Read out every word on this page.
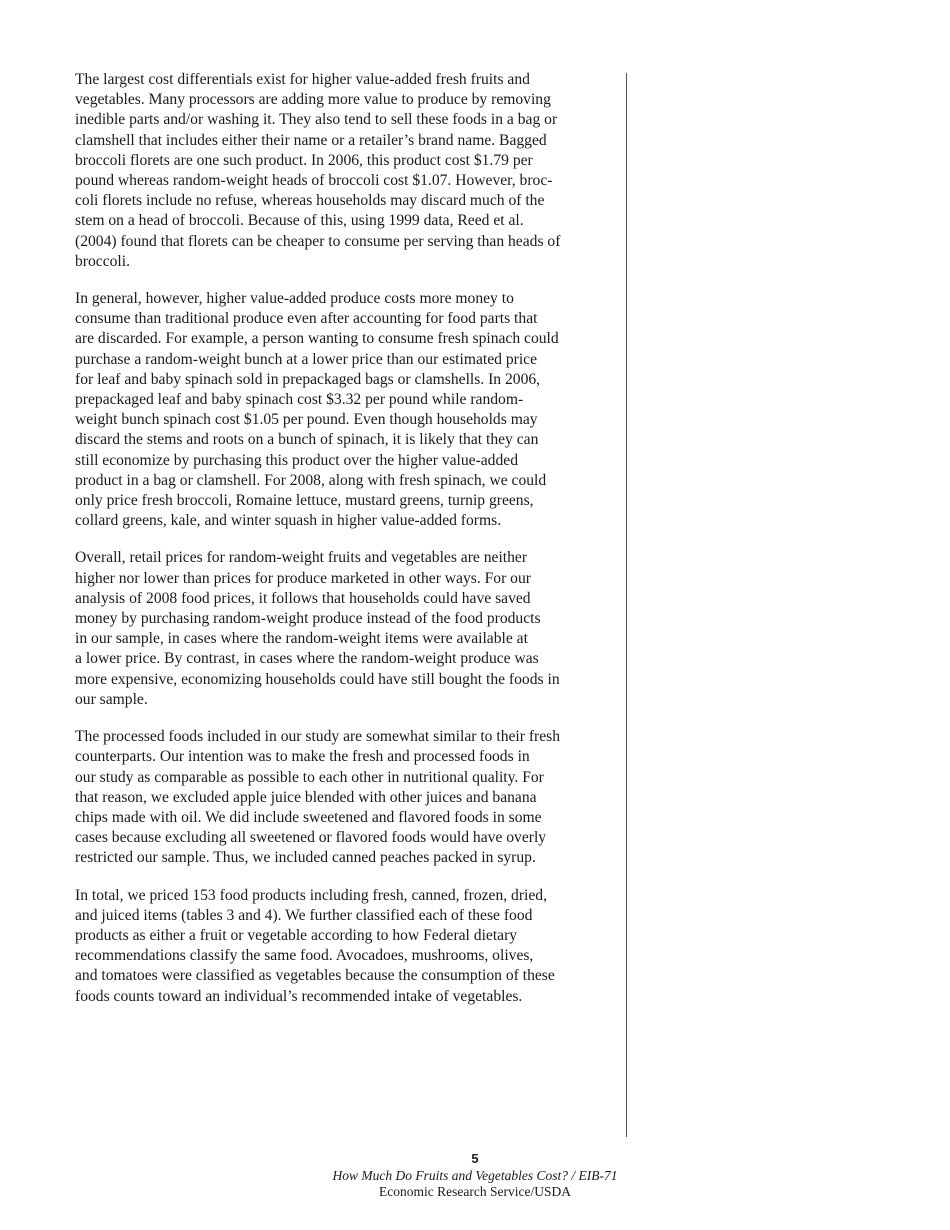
The largest cost differentials exist for higher value-added fresh fruits and
vegetables. Many processors are adding more value to produce by removing
inedible parts and/or washing it. They also tend to sell these foods in a bag or
clamshell that includes either their name or a retailer’s brand name. Bagged
broccoli florets are one such product. In 2006, this product cost $1.79 per
pound whereas random-weight heads of broccoli cost $1.07. However, broc-
coli florets include no refuse, whereas households may discard much of the
stem on a head of broccoli. Because of this, using 1999 data, Reed et al.
(2004) found that florets can be cheaper to consume per serving than heads of
broccoli.

In general, however, higher value-added produce costs more money to
consume than traditional produce even after accounting for food parts that
are discarded. For example, a person wanting to consume fresh spinach could
purchase a random-weight bunch at a lower price than our estimated price
for leaf and baby spinach sold in prepackaged bags or clamshells. In 2006,
prepackaged leaf and baby spinach cost $3.32 per pound while random-
weight bunch spinach cost $1.05 per pound. Even though households may
discard the stems and roots on a bunch of spinach, it is likely that they can
still economize by purchasing this product over the higher value-added
product in a bag or clamshell. For 2008, along with fresh spinach, we could
only price fresh broccoli, Romaine lettuce, mustard greens, turnip greens,
collard greens, kale, and winter squash in higher value-added forms.

Overall, retail prices for random-weight fruits and vegetables are neither
higher nor lower than prices for produce marketed in other ways. For our
analysis of 2008 food prices, it follows that households could have saved
money by purchasing random-weight produce instead of the food products
in our sample, in cases where the random-weight items were available at
a lower price. By contrast, in cases where the random-weight produce was
more expensive, economizing households could have still bought the foods in
our sample.

The processed foods included in our study are somewhat similar to their fresh
counterparts. Our intention was to make the fresh and processed foods in
our study as comparable as possible to each other in nutritional quality. For
that reason, we excluded apple juice blended with other juices and banana
chips made with oil. We did include sweetened and flavored foods in some
cases because excluding all sweetened or flavored foods would have overly
restricted our sample. Thus, we included canned peaches packed in syrup.

In total, we priced 153 food products including fresh, canned, frozen, dried,
and juiced items (tables 3 and 4). We further classified each of these food
products as either a fruit or vegetable according to how Federal dietary
recommendations classify the same food. Avocadoes, mushrooms, olives,
and tomatoes were classified as vegetables because the consumption of these
foods counts toward an individual’s recommended intake of vegetables.

5
How Much Do Fruits and Vegetables Cost? / EIB-71
Economic Research Service/USDA
